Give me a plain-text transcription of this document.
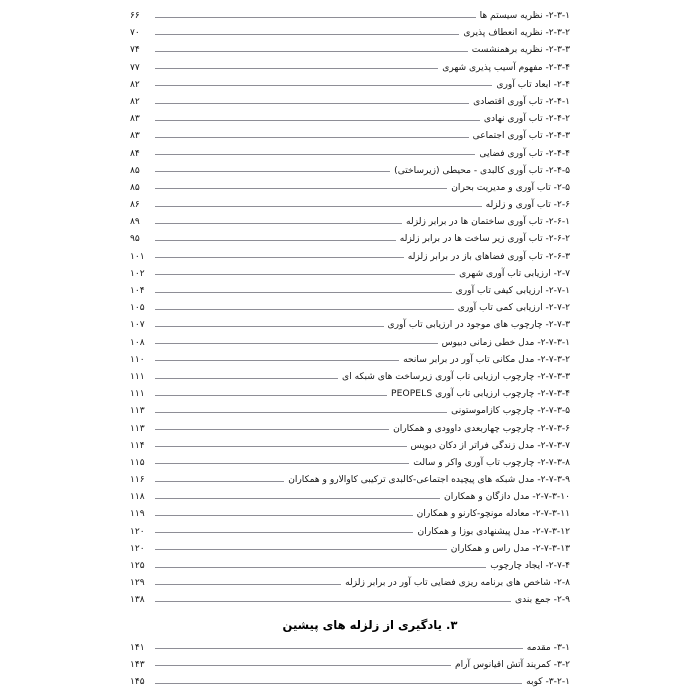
۲-۳-۱- نظریه سیستم ها
۶۶
۲-۳-۲- نظریه انعطاف پذیری
۷۰
۲-۳-۳- نظریه برهمنشست
۷۴
۲-۳-۴- مفهوم آسیب پذیری شهری
۷۷
۲-۴- ابعاد تاب آوری
۸۲
۲-۴-۱- تاب آوری اقتصادی
۸۲
۲-۴-۲- تاب آوری نهادی
۸۳
۲-۴-۳- تاب آوری اجتماعی
۸۳
۲-۴-۴- تاب آوری فضایی
۸۴
۲-۴-۵- تاب آوری کالبدی - محیطی (زیرساختی)
۸۵
۲-۵- تاب آوری و مدیریت بحران
۸۵
۲-۶- تاب آوری و زلزله
۸۶
۲-۶-۱- تاب آوری ساختمان ها در برابر زلزله
۸۹
۲-۶-۲- تاب آوری زیر ساخت ها در برابر زلزله
۹۵
۲-۶-۳- تاب آوری فضاهای باز در برابر زلزله
۱۰۱
۲-۷- ارزیابی تاب آوری شهری
۱۰۲
۲-۷-۱- ارزیابی کیفی تاب آوری
۱۰۴
۲-۷-۲- ارزیابی کمی تاب آوری
۱۰۵
۲-۷-۳- چارچوب های موجود در ارزیابی تاب آوری
۱۰۷
۲-۷-۳-۱- مدل خطی زمانی دبیوس
۱۰۸
۲-۷-۳-۲- مدل مکانی تاب آور در برابر سانحه
۱۱۰
۲-۷-۳-۳- چارچوب ارزیابی تاب آوری زیرساخت های شبکه ای
۱۱۱
۲-۷-۳-۴- چارچوب ارزیابی تاب آوری PEOPELS
۱۱۱
۲-۷-۳-۵- چارچوب کازاموستونی
۱۱۳
۲-۷-۳-۶- چارچوب چهاربعدی داوودی و همکاران
۱۱۳
۲-۷-۳-۷- مدل زندگی فراتر از دکان دیویس
۱۱۴
۲-۷-۳-۸- چارچوب تاب آوری واکر و سالت
۱۱۵
۲-۷-۳-۹- مدل شبکه های پیچیده اجتماعی-کالبدی ترکیبی کاوالارو و همکاران
۱۱۶
۲-۷-۳-۱۰- مدل دازگان و همکاران
۱۱۸
۲-۷-۳-۱۱- معادله مونچو-کارنو و همکاران
۱۱۹
۲-۷-۳-۱۲- مدل پیشنهادی بوزا و همکاران
۱۲۰
۲-۷-۳-۱۳- مدل راس و همکاران
۱۲۰
۲-۷-۴- ایجاد چارچوب
۱۲۵
۲-۸- شاخص های برنامه ریزی فضایی تاب آور در برابر زلزله
۱۲۹
۲-۹- جمع بندی
۱۳۸
۳. یادگیری از زلزله های پیشین
۳-۱- مقدمه
۱۴۱
۳-۲- کمربند آتش اقیانوس آرام
۱۴۳
۳-۲-۱- کوبه
۱۴۵
